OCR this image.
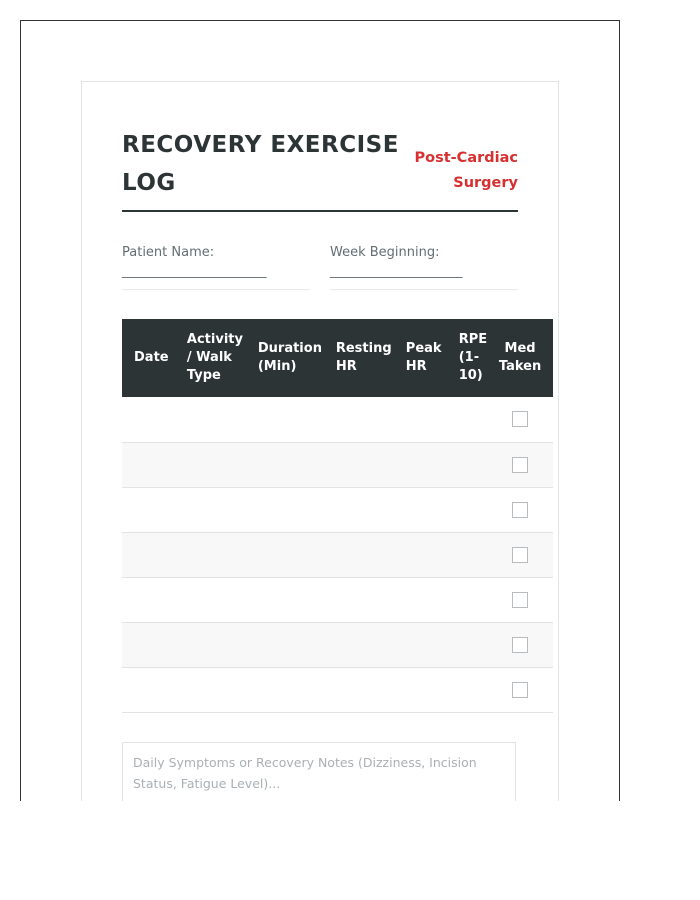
RECOVERY EXERCISE LOG
Post-Cardiac Surgery
Patient Name:
________________________
Week Beginning:
______________________
Date	Activity / Walk Type	Duration (Min)	Resting HR	Peak HR	RPE (1-10)	Med Taken

Daily Symptoms or Recovery Notes (Dizziness, Incision Status, Fatigue Level)...
